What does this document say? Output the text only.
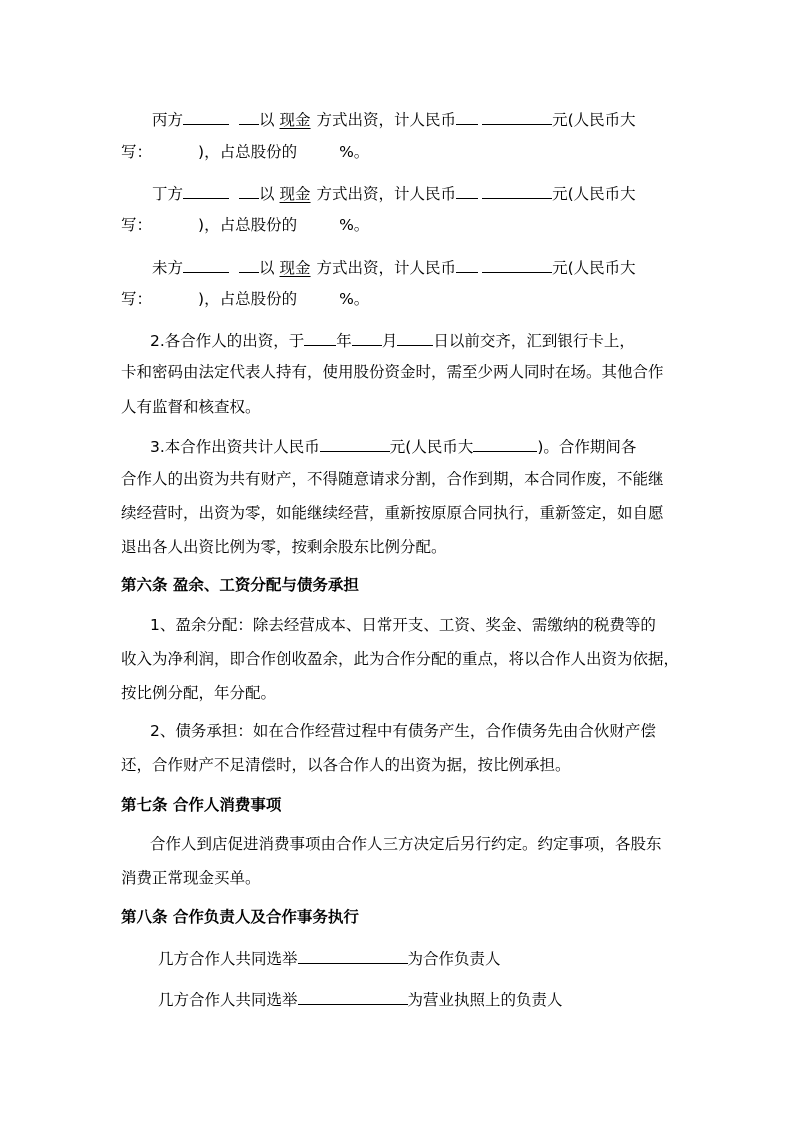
丙方	以 现金 方式出资，计人民币	元(人民币大
写：	)，占总股份的	%。
丁方	以 现金 方式出资，计人民币	元(人民币大
写：	)，占总股份的	%。
未方	以 现金 方式出资，计人民币	元(人民币大
写：	)，占总股份的	%。
2.各合作人的出资，于 年 月 日以前交齐，汇到银行卡上，
卡和密码由法定代表人持有，使用股份资金时，需至少两人同时在场。其他合作
人有监督和核查权。
3.本合作出资共计人民币	元(人民币大	)。合作期间各
合作人的出资为共有财产，不得随意请求分割，合作到期，本合同作废，不能继
续经营时，出资为零，如能继续经营，重新按原原合同执行，重新签定，如自愿
退出各人出资比例为零，按剩余股东比例分配。
第六条 盈余、工资分配与债务承担
1、盈余分配：除去经营成本、日常开支、工资、奖金、需缴纳的税费等的
收入为净利润，即合作创收盈余，此为合作分配的重点，将以合作人出资为依据，
按比例分配，年分配。
2、债务承担：如在合作经营过程中有债务产生，合作债务先由合伙财产偿
还，合作财产不足清偿时，以各合作人的出资为据，按比例承担。
第七条 合作人消费事项
合作人到店促进消费事项由合作人三方决定后另行约定。约定事项，各股东
消费正常现金买单。
第八条 合作负责人及合作事务执行
几方合作人共同选举	为合作负责人
几方合作人共同选举	为营业执照上的负责人
